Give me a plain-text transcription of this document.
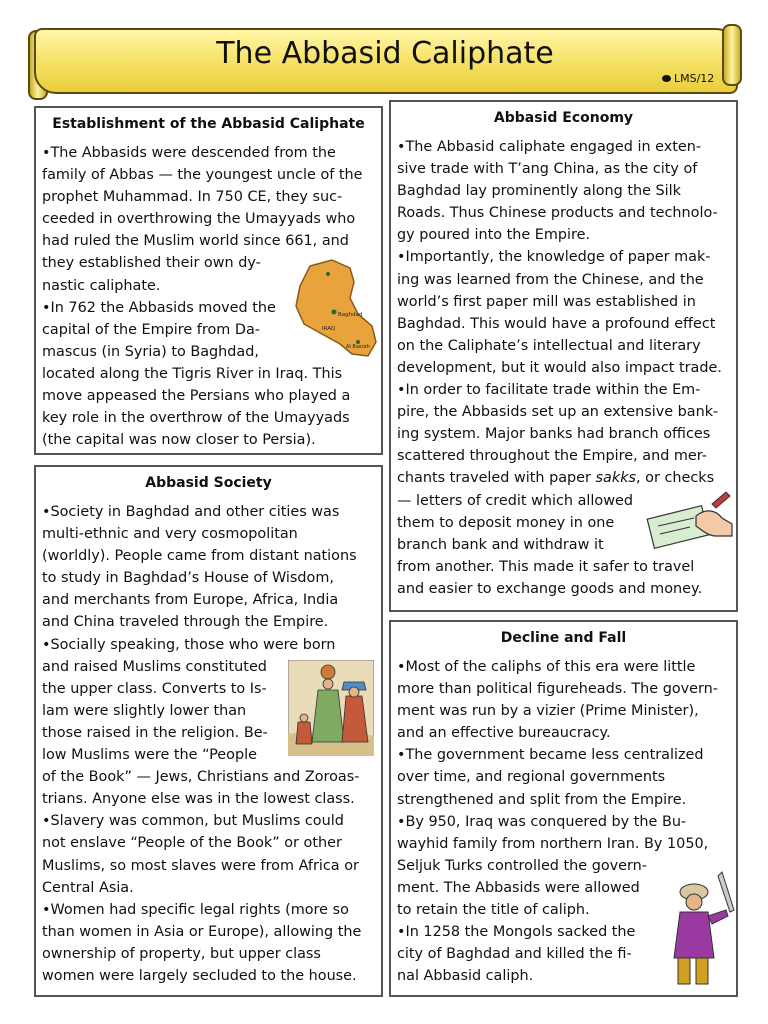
The Abbasid Caliphate
LMS/12
Establishment of the Abbasid Caliphate

•The Abbasids were descended from the
family of Abbas — the youngest uncle of the
prophet Muhammad. In 750 CE, they suc-
ceeded in overthrowing the Umayyads who
had ruled the Muslim world since 661, and
they established their own dy-
nastic caliphate.
•In 762 the Abbasids moved the
capital of the Empire from Da-
mascus (in Syria) to Baghdad,
located along the Tigris River in Iraq. This
move appeased the Persians who played a
key role in the overthrow of the Umayyads
(the capital was now closer to Persia).

Baghdad
IRAQ
Al Basrah
Abbasid Economy

•The Abbasid caliphate engaged in exten-
sive trade with T’ang China, as the city of
Baghdad lay prominently along the Silk
Roads. Thus Chinese products and technolo-
gy poured into the Empire.
•Importantly, the knowledge of paper mak-
ing was learned from the Chinese, and the
world’s first paper mill was established in
Baghdad. This would have a profound effect
on the Caliphate’s intellectual and literary
development, but it would also impact trade.
•In order to facilitate trade within the Em-
pire, the Abbasids set up an extensive bank-
ing system. Major banks had branch offices
scattered throughout the Empire, and mer-
chants traveled with paper sakks, or checks
— letters of credit which allowed
them to deposit money in one
branch bank and withdraw it
from another. This made it safer to travel
and easier to exchange goods and money.

Abbasid Society

•Society in Baghdad and other cities was
multi-ethnic and very cosmopolitan
(worldly). People came from distant nations
to study in Baghdad’s House of Wisdom,
and merchants from Europe, Africa, India
and China traveled through the Empire.
•Socially speaking, those who were born
and raised Muslims constituted
the upper class. Converts to Is-
lam were slightly lower than
those raised in the religion. Be-
low Muslims were the “People
of the Book” — Jews, Christians and Zoroas-
trians. Anyone else was in the lowest class.
•Slavery was common, but Muslims could
not enslave “People of the Book” or other
Muslims, so most slaves were from Africa or
Central Asia.
•Women had specific legal rights (more so
than women in Asia or Europe), allowing the
ownership of property, but upper class
women were largely secluded to the house.

Decline and Fall

•Most of the caliphs of this era were little
more than political figureheads. The govern-
ment was run by a vizier (Prime Minister),
and an effective bureaucracy.
•The government became less centralized
over time, and regional governments
strengthened and split from the Empire.
•By 950, Iraq was conquered by the Bu-
wayhid family from northern Iran. By 1050,
Seljuk Turks controlled the govern-
ment. The Abbasids were allowed
to retain the title of caliph.
•In 1258 the Mongols sacked the
city of Baghdad and killed the fi-
nal Abbasid caliph.
